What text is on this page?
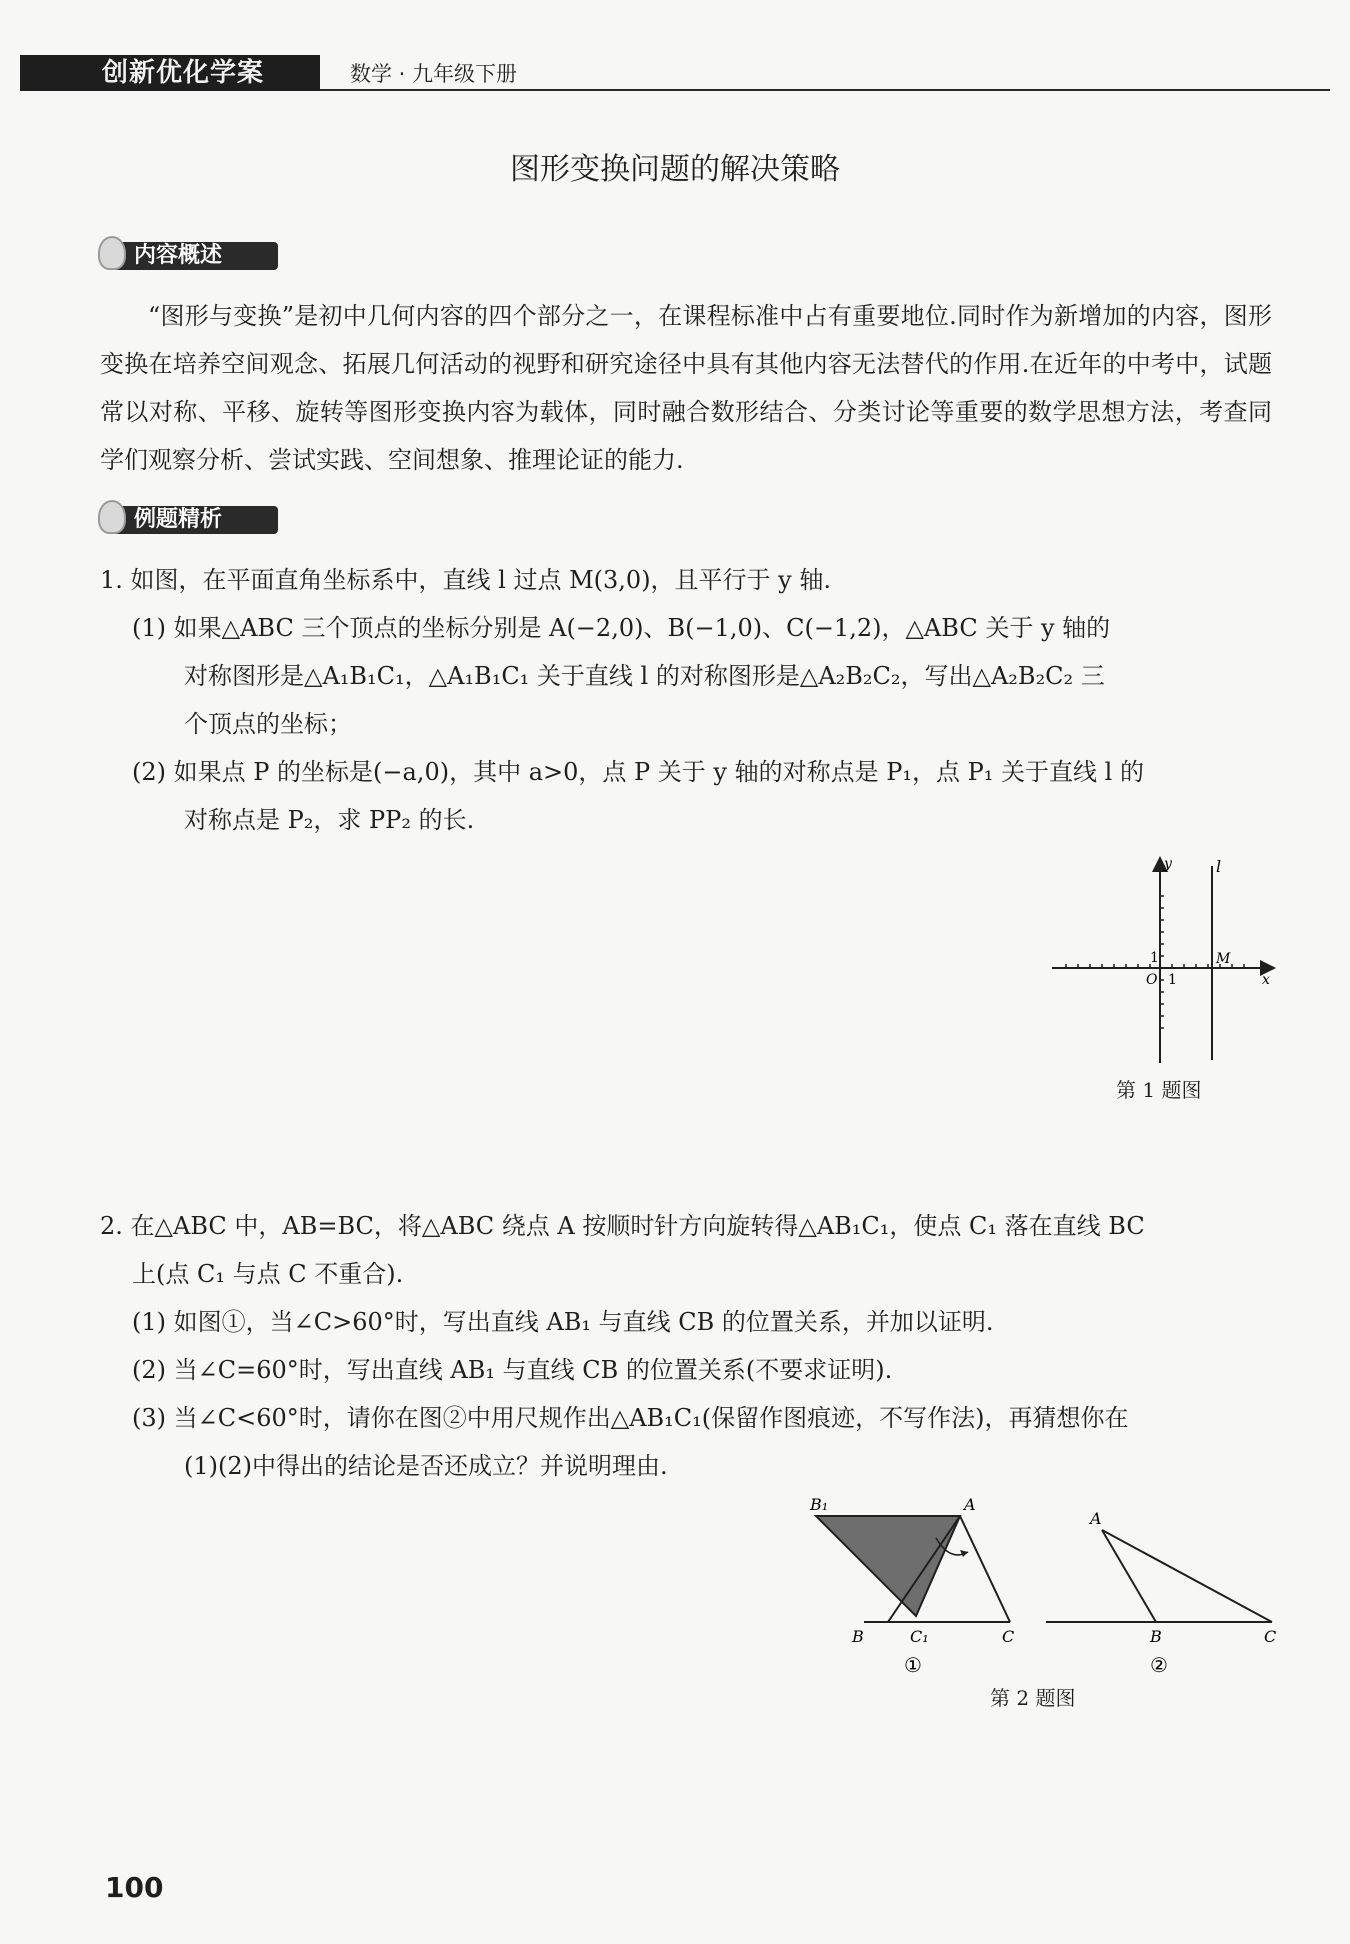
创新优化学案	数学 · 九年级下册
图形变换问题的解决策略
内容概述
“图形与变换”是初中几何内容的四个部分之一，在课程标准中占有重要地位.同时作为新增加的内容，图形变换在培养空间观念、拓展几何活动的视野和研究途径中具有其他内容无法替代的作用.在近年的中考中，试题常以对称、平移、旋转等图形变换内容为载体，同时融合数形结合、分类讨论等重要的数学思想方法，考查同学们观察分析、尝试实践、空间想象、推理论证的能力.
例题精析
1. 如图，在平面直角坐标系中，直线 l 过点 M(3,0)，且平行于 y 轴.
(1) 如果△ABC 三个顶点的坐标分别是 A(−2,0)、B(−1,0)、C(−1,2)，△ABC 关于 y 轴的
对称图形是△A₁B₁C₁，△A₁B₁C₁ 关于直线 l 的对称图形是△A₂B₂C₂，写出△A₂B₂C₂ 三
个顶点的坐标；
(2) 如果点 P 的坐标是(−a,0)，其中 a>0，点 P 关于 y 轴的对称点是 P₁，点 P₁ 关于直线 l 的
对称点是 P₂，求 PP₂ 的长.
y	l
M
O 1
1
x
第 1 题图
2. 在△ABC 中，AB=BC，将△ABC 绕点 A 按顺时针方向旋转得△AB₁C₁，使点 C₁ 落在直线 BC
上(点 C₁ 与点 C 不重合).
(1) 如图①，当∠C>60°时，写出直线 AB₁ 与直线 CB 的位置关系，并加以证明.
(2) 当∠C=60°时，写出直线 AB₁ 与直线 CB 的位置关系(不要求证明).
(3) 当∠C<60°时，请你在图②中用尺规作出△AB₁C₁(保留作图痕迹，不写作法)，再猜想你在
(1)(2)中得出的结论是否还成立？并说明理由.
B₁	A
B	C₁	C
①
A
B	C
②
第 2 题图
100
